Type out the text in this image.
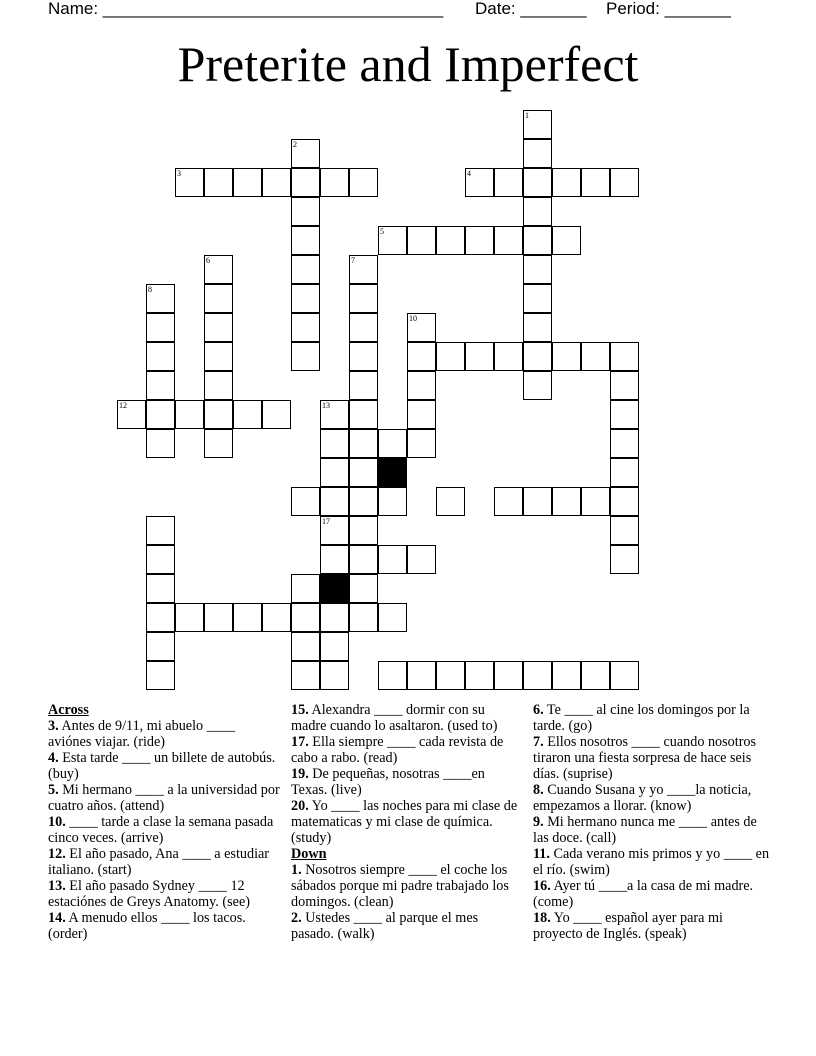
Name: ____________________________________ Date: _______ Period: _______
Preterite and Imperfect
1
2
3	4
5
6	7
8
10
12	13
17

Across

3. Antes de 9/11, mi abuelo ____ aviónes viajar. (ride)

4. Esta tarde ____ un billete de autobús. (buy)

5. Mi hermano ____ a la universidad por cuatro años. (attend)

10. ____ tarde a clase la semana pasada cinco veces. (arrive)

12. El año pasado, Ana ____ a estudiar italiano. (start)

13. El año pasado Sydney ____ 12 estaciónes de Greys Anatomy. (see)

14. A menudo ellos ____ los tacos. (order)

15. Alexandra ____ dormir con su madre cuando lo asaltaron. (used to)

17. Ella siempre ____ cada revista de cabo a rabo. (read)

19. De pequeñas, nosotras ____en Texas. (live)

20. Yo ____ las noches para mi clase de matematicas y mi clase de química. (study)

Down

1. Nosotros siempre ____ el coche los sábados porque mi padre trabajado los domingos. (clean)

2. Ustedes ____ al parque el mes pasado. (walk)

6. Te ____ al cine los domingos por la tarde. (go)

7. Ellos nosotros ____ cuando nosotros tiraron una fiesta sorpresa de hace seis días. (suprise)

8. Cuando Susana y yo ____la noticia, empezamos a llorar. (know)

9. Mi hermano nunca me ____ antes de las doce. (call)

11. Cada verano mis primos y yo ____ en el río. (swim)

16. Ayer tú ____a la casa de mi madre. (come)

18. Yo ____ español ayer para mi proyecto de Inglés. (speak)
